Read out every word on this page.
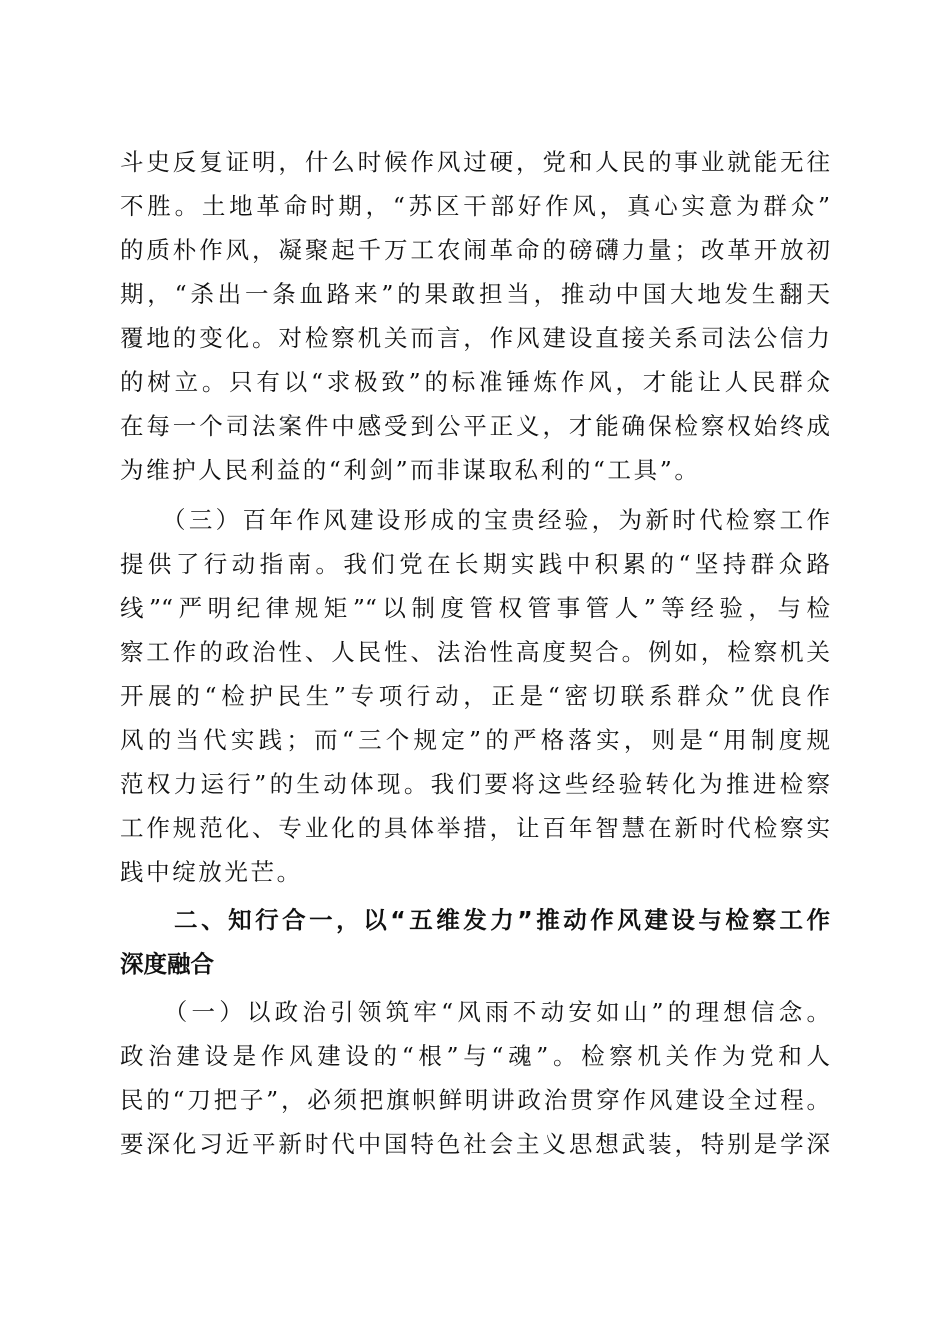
斗史反复证明，什么时候作风过硬，党和人民的事业就能无往
不胜。土地革命时期，“苏区干部好作风，真心实意为群众”
的质朴作风，凝聚起千万工农闹革命的磅礴力量；改革开放初
期，“杀出一条血路来”的果敢担当，推动中国大地发生翻天
覆地的变化。对检察机关而言，作风建设直接关系司法公信力
的树立。只有以“求极致”的标准锤炼作风，才能让人民群众
在每一个司法案件中感受到公平正义，才能确保检察权始终成
为维护人民利益的“利剑”而非谋取私利的“工具”。
　　（三）百年作风建设形成的宝贵经验，为新时代检察工作
提供了行动指南。我们党在长期实践中积累的“坚持群众路
线”“严明纪律规矩”“以制度管权管事管人”等经验，与检
察工作的政治性、人民性、法治性高度契合。例如，检察机关
开展的“检护民生”专项行动，正是“密切联系群众”优良作
风的当代实践；而“三个规定”的严格落实，则是“用制度规
范权力运行”的生动体现。我们要将这些经验转化为推进检察
工作规范化、专业化的具体举措，让百年智慧在新时代检察实
践中绽放光芒。
　　二、知行合一，以“五维发力”推动作风建设与检察工作
深度融合
　　（一）以政治引领筑牢“风雨不动安如山”的理想信念。
政治建设是作风建设的“根”与“魂”。检察机关作为党和人
民的“刀把子”，必须把旗帜鲜明讲政治贯穿作风建设全过程。
要深化习近平新时代中国特色社会主义思想武装，特别是学深
